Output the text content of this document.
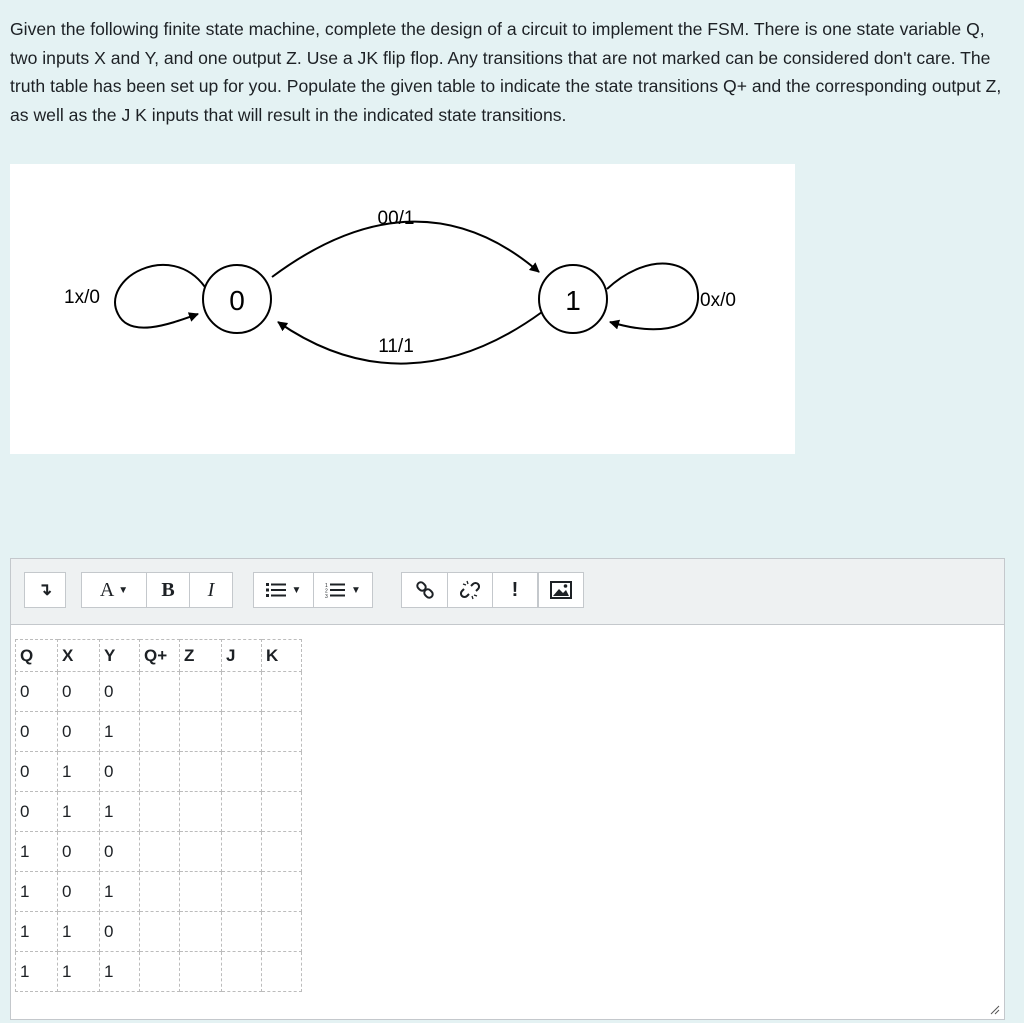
Given the following finite state machine, complete the design of a circuit to implement the FSM. There is one state variable Q, two inputs X and Y, and one output Z. Use a JK flip flop. Any transitions that are not marked can be considered don't care. The truth table has been set up for you. Populate the given table to indicate the state transitions Q+ and the corresponding output Z, as well as the J K inputs that will result in the indicated state transitions.

0	1
00/1
11/1
1x/0	0x/0
↴ A ▼ B I	▼	1
2
3
▼	!
Q	X	Y	Q+	Z	J	K
0	0	0				
0	0	1				
0	1	0				
0	1	1				
1	0	0				
1	0	1				
1	1	0				
1	1	1				
